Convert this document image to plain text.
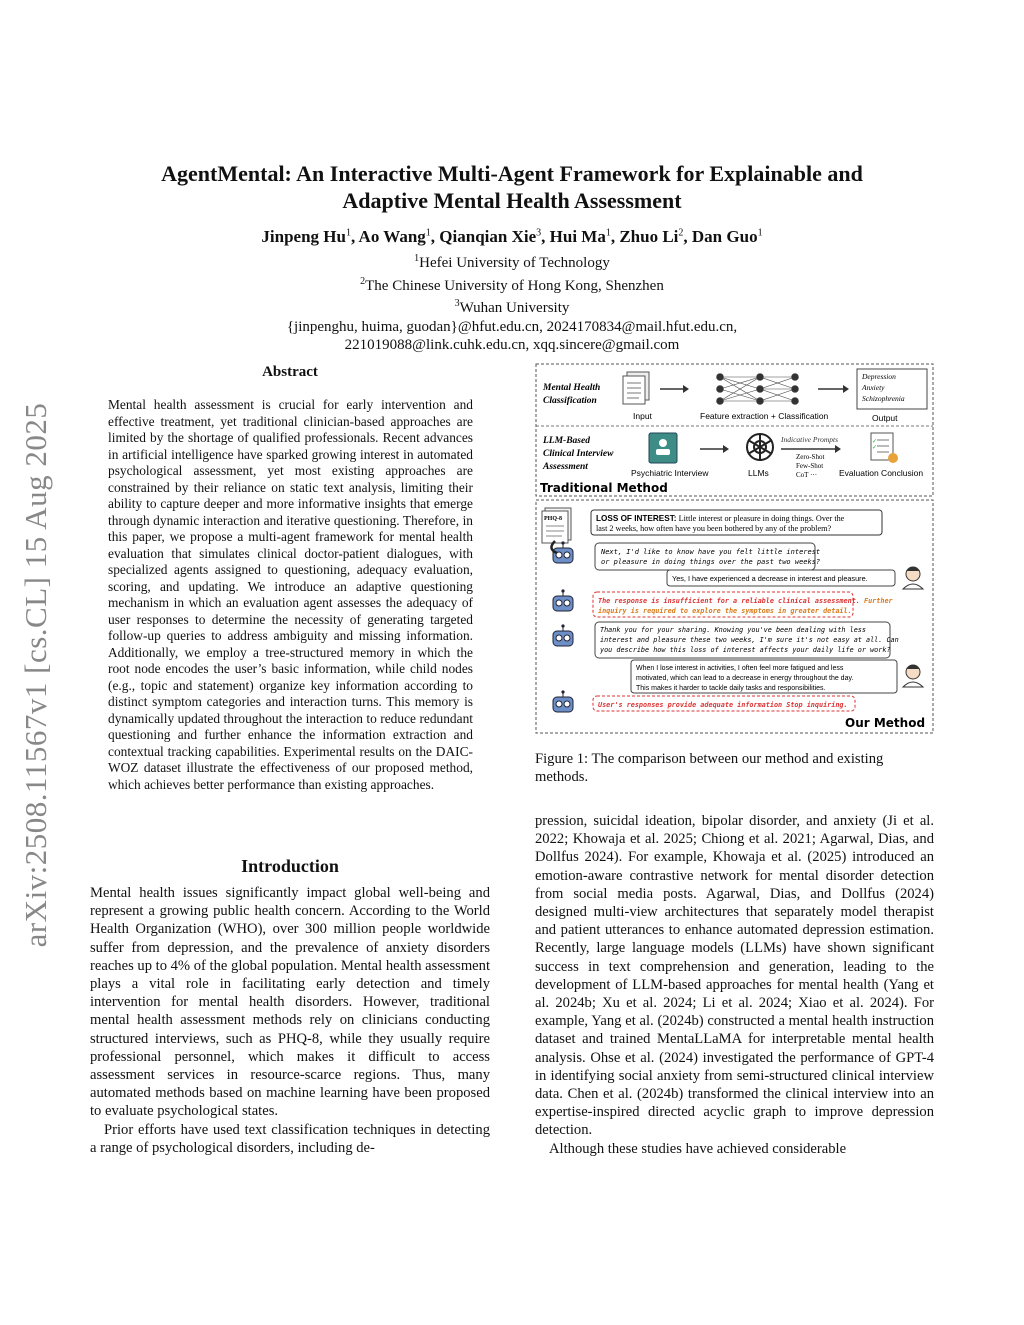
arXiv:2508.11567v1 [cs.CL] 15 Aug 2025
AgentMental: An Interactive Multi-Agent Framework for Explainable and
Adaptive Mental Health Assessment
Jinpeng Hu$^1$, Ao Wang$^1$, Qianqian Xie$^3$, Hui Ma$^1$, Zhuo Li$^2$, Dan Guo$^1$
$^1$Hefei University of Technology
$^2$The Chinese University of Hong Kong, Shenzhen
$^3$Wuhan University
{jinpenghu, huima, guodan}@hfut.edu.cn, 2024170834@mail.hfut.edu.cn,
221019088@link.cuhk.edu.cn, xqq.sincere@gmail.com
Abstract
Mental health assessment is crucial for early intervention and effective treatment, yet traditional clinician-based approaches are limited by the shortage of qualified professionals. Recent advances in artificial intelligence have sparked growing interest in automated psychological assessment, yet most existing approaches are constrained by their reliance on static text analysis, limiting their ability to capture deeper and more informative insights that emerge through dynamic interaction and iterative questioning. Therefore, in this paper, we propose a multi-agent framework for mental health evaluation that simulates clinical doctor-patient dialogues, with specialized agents assigned to questioning, adequacy evaluation, scoring, and updating. We introduce an adaptive questioning mechanism in which an evaluation agent assesses the adequacy of user responses to determine the necessity of generating targeted follow-up queries to address ambiguity and missing information. Additionally, we employ a tree-structured memory in which the root node encodes the user’s basic information, while child nodes (e.g., topic and statement) organize key information according to distinct symptom categories and interaction turns. This memory is dynamically updated throughout the interaction to reduce redundant questioning and further enhance the information extraction and contextual tracking capabilities. Experimental results on the DAIC-WOZ dataset illustrate the effectiveness of our proposed method, which achieves better performance than existing approaches.
Introduction

Mental health issues significantly impact global well-being and represent a growing public health concern. According to the World Health Organization (WHO), over 300 million people worldwide suffer from depression, and the prevalence of anxiety disorders reaches up to 4% of the global population. Mental health assessment plays a vital role in facilitating early detection and timely intervention for mental health disorders. However, traditional mental health assessment methods rely on clinicians conducting structured interviews, such as PHQ-8, while they usually require professional personnel, which makes it difficult to access assessment services in resource-scarce regions. Thus, many automated methods based on machine learning have been proposed to evaluate psychological states.

Prior efforts have used text classification techniques in detecting a range of psychological disorders, including de-

Mental Health
Classification
Input	Feature extraction + Classification
Depression
Anxiety
Schizophrenia
Output
LLM-Based
Clinical Interview
Assessment
Psychiatric Interview	LLMs
Indicative Prompts
Zero-Shot
Few-Shot
CoT ···
✓
✓
Evaluation Conclusion
Traditional Method
PHQ-8	LOSS OF INTEREST: Little interest or pleasure in doing things. Over the
last 2 weeks, how often have you been bothered by any of the problem?
Next, I'd like to know have you felt little interest
or pleasure in doing things over the past two weeks?
Yes, I have experienced a decrease in interest and pleasure.
The response is insufficient for a reliable clinical assessment. Further
inquiry is required to explore the symptoms in greater detail.
Thank you for your sharing. Knowing you've been dealing with less
interest and pleasure these two weeks, I'm sure it's not easy at all. Can
you describe how this loss of interest affects your daily life or work?
When I lose interest in activities, I often feel more fatigued and less
motivated, which can lead to a decrease in energy throughout the day.
This makes it harder to tackle daily tasks and responsibilities.
User's responses provide adequate information Stop inquiring.
Our Method
Figure 1: The comparison between our method and existing methods.

pression, suicidal ideation, bipolar disorder, and anxiety (Ji et al. 2022; Khowaja et al. 2025; Chiong et al. 2021; Agarwal, Dias, and Dollfus 2024). For example, Khowaja et al. (2025) introduced an emotion-aware contrastive network for mental disorder detection from social media posts. Agarwal, Dias, and Dollfus (2024) designed multi-view architectures that separately model therapist and patient utterances to enhance automated depression estimation. Recently, large language models (LLMs) have shown significant success in text comprehension and generation, leading to the development of LLM-based approaches for mental health (Yang et al. 2024b; Xu et al. 2024; Li et al. 2024; Xiao et al. 2024). For example, Yang et al. (2024b) constructed a mental health instruction dataset and trained MentaLLaMA for interpretable mental health analysis. Ohse et al. (2024) investigated the performance of GPT-4 in identifying social anxiety from semi-structured clinical interview data. Chen et al. (2024b) transformed the clinical interview into an expertise-inspired directed acyclic graph to improve depression detection.

Although these studies have achieved considerable
